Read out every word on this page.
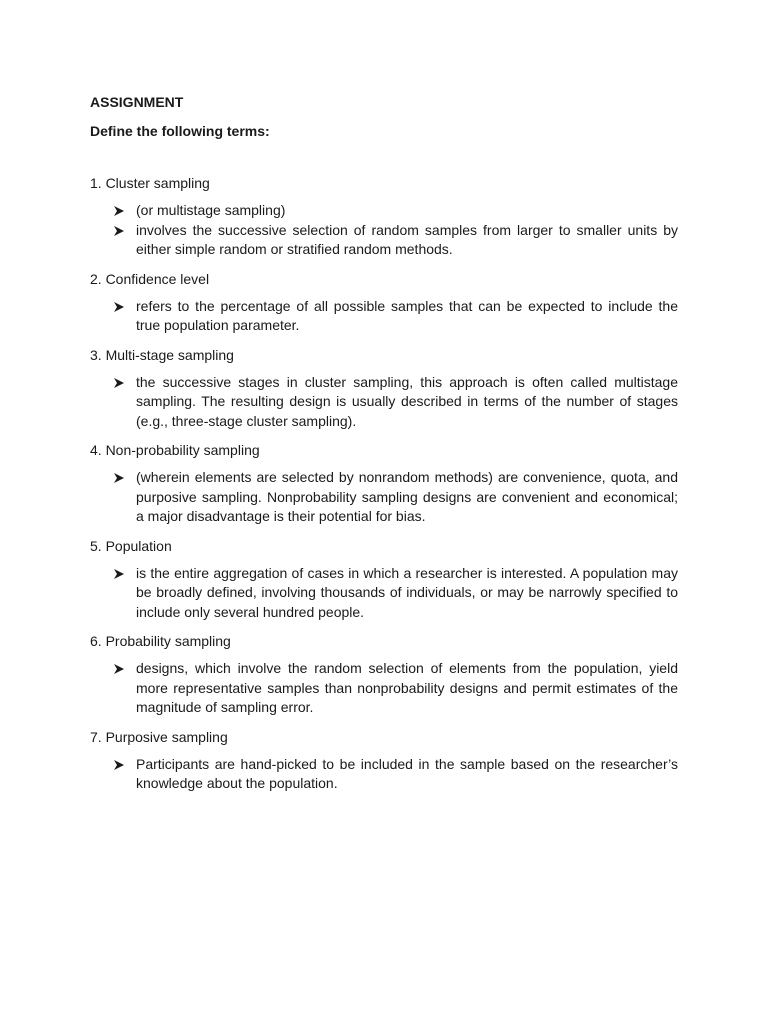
ASSIGNMENT
Define the following terms:

1. Cluster sampling

(or multistage sampling)
involves the successive selection of random samples from larger to smaller units by either simple random or stratified random methods.

2. Confidence level

refers to the percentage of all possible samples that can be expected to include the true population parameter.

3. Multi-stage sampling

the successive stages in cluster sampling, this approach is often called multistage sampling. The resulting design is usually described in terms of the number of stages (e.g., three-stage cluster sampling).

4. Non-probability sampling

(wherein elements are selected by nonrandom methods) are convenience, quota, and purposive sampling. Nonprobability sampling designs are convenient and economical; a major disadvantage is their potential for bias.

5. Population

is the entire aggregation of cases in which a researcher is interested. A population may be broadly defined, involving thousands of individuals, or may be narrowly specified to include only several hundred people.

6. Probability sampling

designs, which involve the random selection of elements from the population, yield more representative samples than nonprobability designs and permit estimates of the magnitude of sampling error.

7. Purposive sampling

Participants are hand-picked to be included in the sample based on the researcher’s knowledge about the population.
